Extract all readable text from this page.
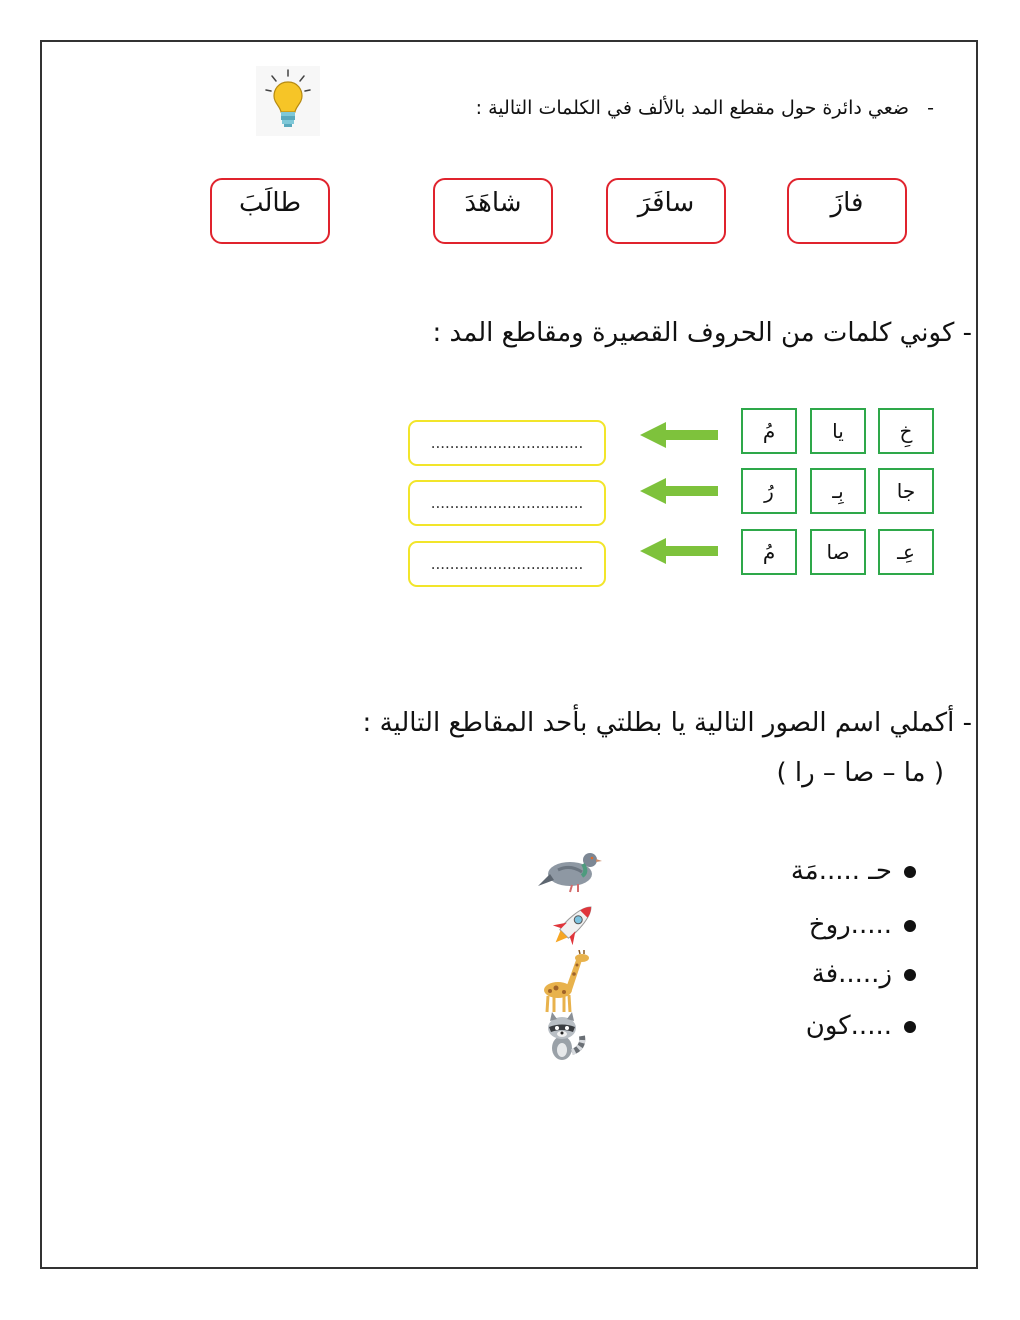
-   ضعي دائرة حول مقطع المد بالألف في الكلمات التالية :
فازَ
سافَرَ
شاهَدَ
طالَبَ
- كوني كلمات من الحروف القصيرة ومقاطع المد :
خِ
يا
مُ
................................
جا
بِـ
رُ
................................
عِـ
صا
مُ
................................
- أكملي اسم الصور التالية يا بطلتي بأحد المقاطع التالية :
( ما – صا – را )
حـ .....مَة
.....روخ
ز.....فة
.....كون
